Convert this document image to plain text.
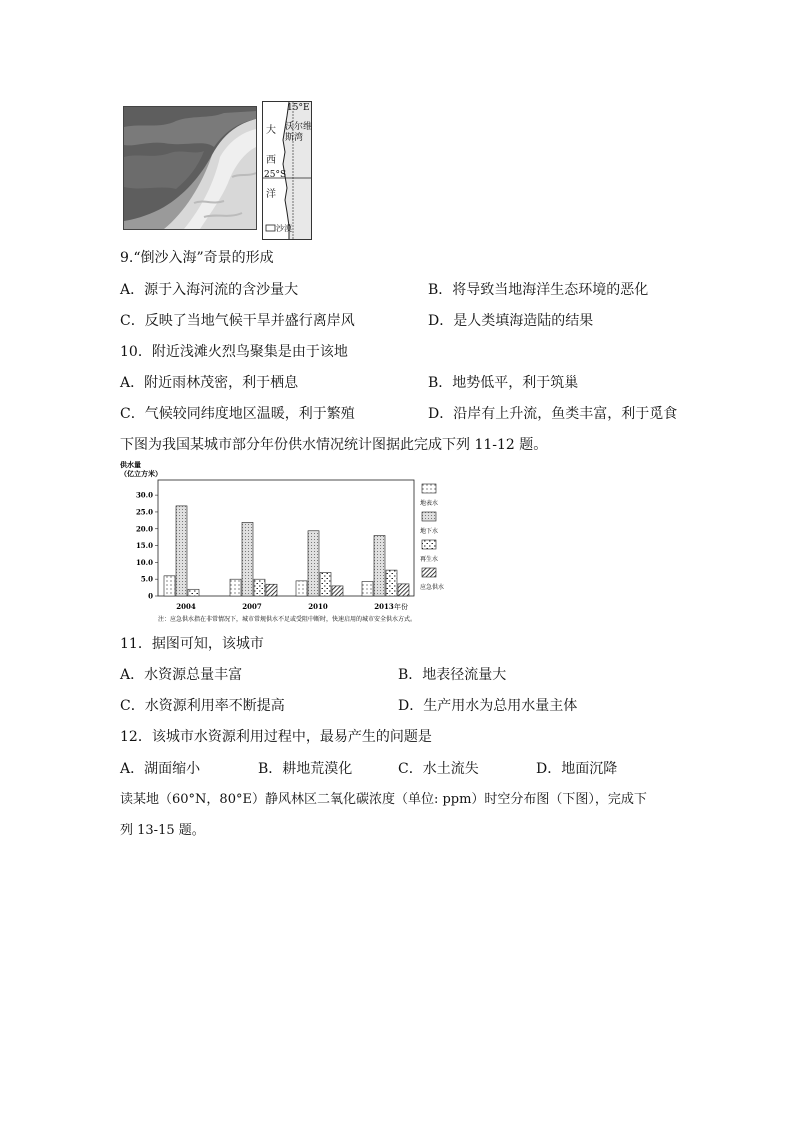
15°E
沃尔维
斯湾
大
西
25°S
洋
沙漠
9.“倒沙入海”奇景的形成
A．源于入海河流的含沙量大	B．将导致当地海洋生态环境的恶化
C．反映了当地气候干旱并盛行离岸风	D．是人类填海造陆的结果
10．附近浅滩火烈鸟聚集是由于该地
A．附近雨林茂密，利于栖息	B．地势低平，利于筑巢
C．气候较同纬度地区温暖，利于繁殖	D．沿岸有上升流，鱼类丰富，利于觅食
下图为我国某城市部分年份供水情况统计图据此完成下列 11-12 题。
供水量
（亿立方米）
0
5.0
10.0
15.0
20.0
25.0
30.0
2004	2007	2010	2013 年份
地表水
地下水
再生水
应急供水
注：应急供水指在非常情况下，城市常规供水不足或受阻中断时，快速启用的城市安全供水方式。
11．据图可知，该城市
A．水资源总量丰富	B．地表径流量大
C．水资源利用率不断提高	D．生产用水为总用水量主体
12．该城市水资源利用过程中，最易产生的问题是
A．湖面缩小	B．耕地荒漠化	C．水土流失	D．地面沉降
读某地（60°N，80°E）静风林区二氧化碳浓度（单位: ppm）时空分布图（下图），完成下
列 13-15 题。
